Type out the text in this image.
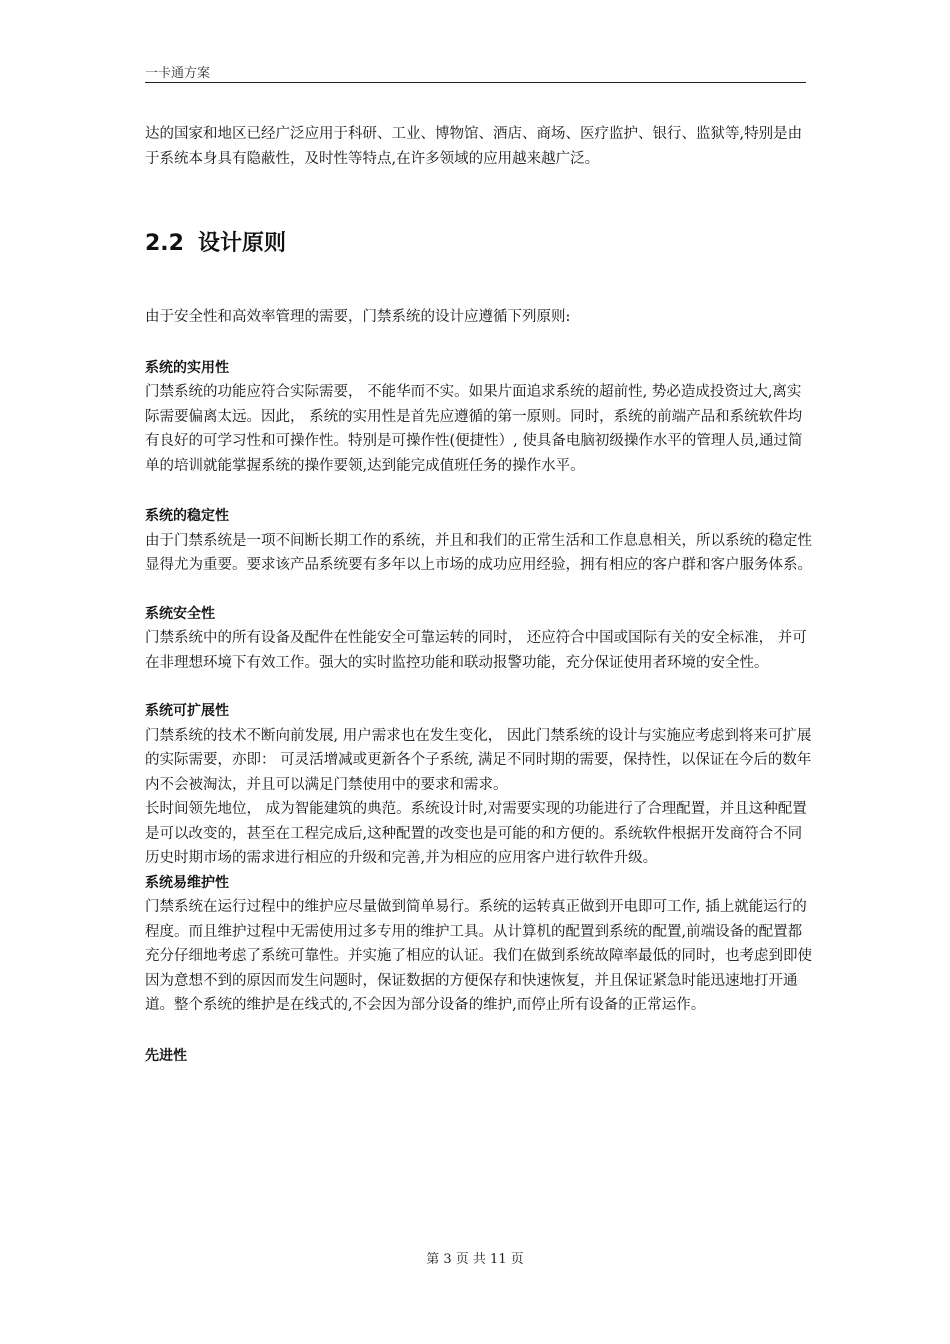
一卡通方案

达的国家和地区已经广泛应用于科研、工业、博物馆、酒店、商场、医疗监护、银行、监狱等,特别是由于系统本身具有隐蔽性，及时性等特点,在许多领域的应用越来越广泛。

2.2 设计原则

由于安全性和高效率管理的需要，门禁系统的设计应遵循下列原则:

系统的实用性

门禁系统的功能应符合实际需要， 不能华而不实。如果片面追求系统的超前性, 势必造成投资过大,离实际需要偏离太远。因此， 系统的实用性是首先应遵循的第一原则。同时，系统的前端产品和系统软件均有良好的可学习性和可操作性。特别是可操作性(便捷性）, 使具备电脑初级操作水平的管理人员,通过简单的培训就能掌握系统的操作要领,达到能完成值班任务的操作水平。

系统的稳定性

由于门禁系统是一项不间断长期工作的系统，并且和我们的正常生活和工作息息相关，所以系统的稳定性显得尤为重要。要求该产品系统要有多年以上市场的成功应用经验，拥有相应的客户群和客户服务体系。

系统安全性

门禁系统中的所有设备及配件在性能安全可靠运转的同时， 还应符合中国或国际有关的安全标准， 并可在非理想环境下有效工作。强大的实时监控功能和联动报警功能，充分保证使用者环境的安全性。

系统可扩展性

门禁系统的技术不断向前发展, 用户需求也在发生变化， 因此门禁系统的设计与实施应考虑到将来可扩展的实际需要，亦即： 可灵活增减或更新各个子系统, 满足不同时期的需要，保持性，以保证在今后的数年内不会被淘汰，并且可以满足门禁使用中的要求和需求。

长时间领先地位， 成为智能建筑的典范。系统设计时,对需要实现的功能进行了合理配置，并且这种配置是可以改变的，甚至在工程完成后,这种配置的改变也是可能的和方便的。系统软件根据开发商符合不同历史时期市场的需求进行相应的升级和完善,并为相应的应用客户进行软件升级。

系统易维护性

门禁系统在运行过程中的维护应尽量做到简单易行。系统的运转真正做到开电即可工作, 插上就能运行的程度。而且维护过程中无需使用过多专用的维护工具。从计算机的配置到系统的配置,前端设备的配置都充分仔细地考虑了系统可靠性。并实施了相应的认证。我们在做到系统故障率最低的同时，也考虑到即使因为意想不到的原因而发生问题时，保证数据的方便保存和快速恢复，并且保证紧急时能迅速地打开通道。整个系统的维护是在线式的,不会因为部分设备的维护,而停止所有设备的正常运作。

先进性
第 3 页 共 11 页
